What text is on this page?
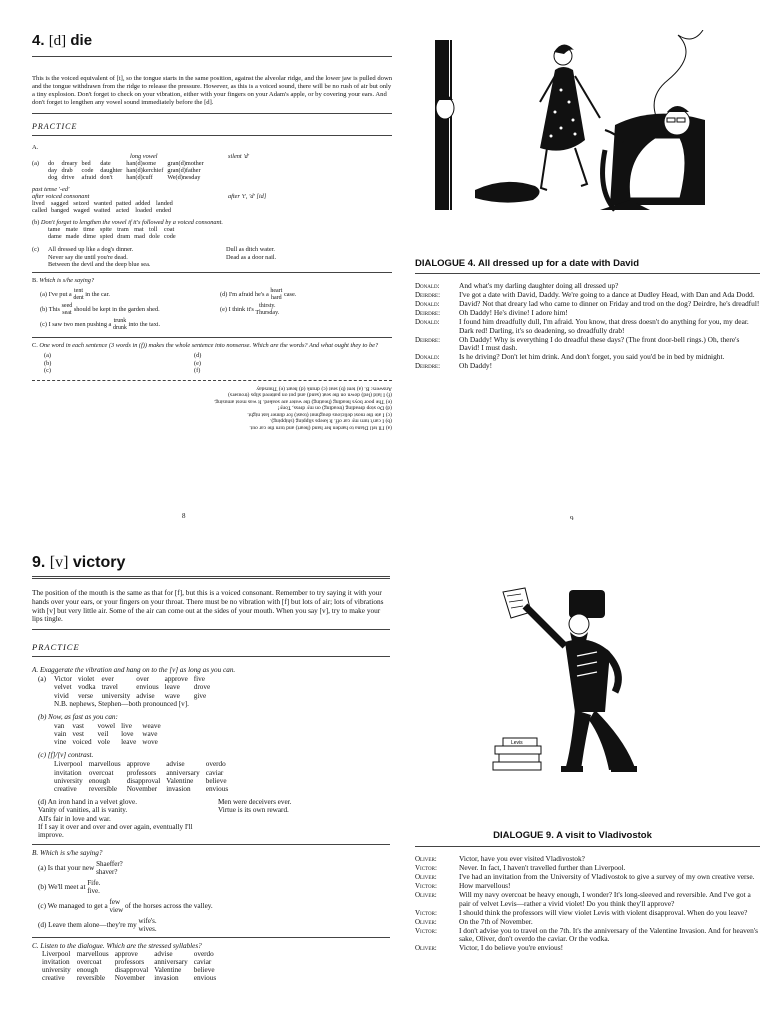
4. [d] die

This is the voiced equivalent of [t], so the tongue starts in the same position, against the alveolar ridge, and the lower jaw is pulled down and the tongue withdrawn from the ridge to release the pressure. However, as this is a voiced sound, there will be no rush of air but only a tiny explosion. Don't forget to check on your vibration, either with your fingers on your Adam's apple, or by covering your ears. And don't forget to lengthen any vowel sound immediately before the [d].

PRACTICE
A.
long vowel	silent 'd'
(a)	do	dreary	bed	date	han(d)some	gran(d)mother
day	drab	code	daughter	han(d)kerchief	gran(d)father
dog	drive	afraid	don't	han(d)cuff	We(d)nesday
past tense '-ed'
after voiced consonant	after 't', 'd' [id]
lived	sagged	seized	wanted	patted	added	landed
called	banged	waged	waited	acted	loaded	ended
(b) Don't forget to lengthen the vowel if it's followed by a voiced consonant.
tame	mate	time	spite	tram	mat	toll	coat
dame	made	dime	spied	dram	mad	dole	code
(c)	All dressed up like a dog's dinner.
Never say die until you're dead.
Between the devil and the deep blue sea.
Dull as ditch water.
Dead as a door nail.
B. Which is s/he saying?
(a) I've put a tent
dent in the car.
(b) This seed
seat should be kept in the garden shed.
(c) I saw two men pushing a trunk
drunk into the taxi.
(d) I'm afraid he's a heart
hard case.
(e) I think it's thirsty.
Thursday.
C. One word in each sentence (3 words in (f)) makes the whole sentence into nonsense. Which are the words? And what ought they to be?
(a)
(b)
(c)
(d)
(e)
(f)
(a) I'll tell Diana to harden her hand (heart) and turn the car out.
(b) I can't turn my car off. It keeps slipping (shipping).
(c) I ate the most delicious doughnut (toast) for dinner last night.
(d) Do stop dreading (treading) on my dress, Tony!
(e) The poor boys heading (heating) the water are soaked. It was most amusing.
(f) I laid (led) down on the seat (sand) and put on pattered slips (trousers)
Answers: B. (a) tent (b) seat (c) drunk (d) heart (e) Thursday
8
DIALOGUE 4. All dressed up for a date with David
Donald:	And what's my darling daughter doing all dressed up?
Deirdre:	I've got a date with David, Daddy. We're going to a dance at Dudley Head, with Dan and Ada Dodd.
Donald:	David? Not that dreary lad who came to dinner on Friday and trod on the dog? Deirdre, he's dreadful!
Deirdre:	Oh Daddy! He's divine! I adore him!
Donald:	I found him dreadfully dull, I'm afraid. You know, that dress doesn't do anything for you, my dear. Dark red! Darling, it's so deadening, so dreadfully drab!
Deirdre:	Oh Daddy! Why is everything I do dreadful these days? (The front door-bell rings.) Oh, there's David! I must dash.
Donald:	Is he driving? Don't let him drink. And don't forget, you said you'd be in bed by midnight.
Deirdre:	Oh Daddy!
9
9. [v] victory

The position of the mouth is the same as that for [f], but this is a voiced consonant. Remember to try saying it with your hands over your ears, or your fingers on your throat. There must be no vibration with [f] but lots of air; lots of vibrations with [v] but very little air. Some of the air can come out at the sides of your mouth. When you say [v], try to make your lips tingle.

PRACTICE
A. Exaggerate the vibration and hang on to the [v] as long as you can.
(a)	Victor	violet	ever	over	approve	five
velvet	vodka	travel	envious	leave	drove
vivid	verse	university	advise	wave	give
N.B. nephews, Stephen—both pronounced [v].
(b) Now, as fast as you can:
van	vast	vowel	live	weave
vain	vest	veil	love	wave
vine	voiced	vole	leave	wove
(c) [f]/[v] contrast.
Liverpool	marvellous	approve	advise	overdo
invitation	overcoat	professors	anniversary	caviar
university	enough	disapproval	Valentine	believe
creative	reversible	November	invasion	envious
(d) An iron hand in a velvet glove.
Vanity of vanities, all is vanity.
All's fair in love and war.
If I say it over and over and over again, eventually I'll improve.
Men were deceivers ever.
Virtue is its own reward.
B. Which is s/he saying?
(a) Is that your new
Shaeffer?
shaver?
(b) We'll meet at
Fife.
five.
(c) We managed to get a
few
view of the horses across the valley.
(d) Leave them alone—they're my
wife's.
wives.
C. Listen to the dialogue. Which are the stressed syllables?
Liverpool	marvellous	approve	advise	overdo
invitation	overcoat	professors	anniversary	caviar
university	enough	disapproval	Valentine	believe
creative	reversible	November	invasion	envious
Levis
DIALOGUE 9. A visit to Vladivostok
Oliver:	Victor, have you ever visited Vladivostok?
Victor:	Never. In fact, I haven't travelled further than Liverpool.
Oliver:	I've had an invitation from the University of Vladivostok to give a survey of my own creative verse.
Victor:	How marvellous!
Oliver:	Will my navy overcoat be heavy enough, I wonder? It's long-sleeved and reversible. And I've got a pair of velvet Levis—rather a vivid violet! Do you think they'll approve?
Victor:	I should think the professors will view violet Levis with violent disapproval. When do you leave?
Oliver:	On the 7th of November.
Victor:	I don't advise you to travel on the 7th. It's the anniversary of the Valentine Invasion. And for heaven's sake, Oliver, don't overdo the caviar. Or the vodka.
Oliver:	Victor, I do believe you're envious!
